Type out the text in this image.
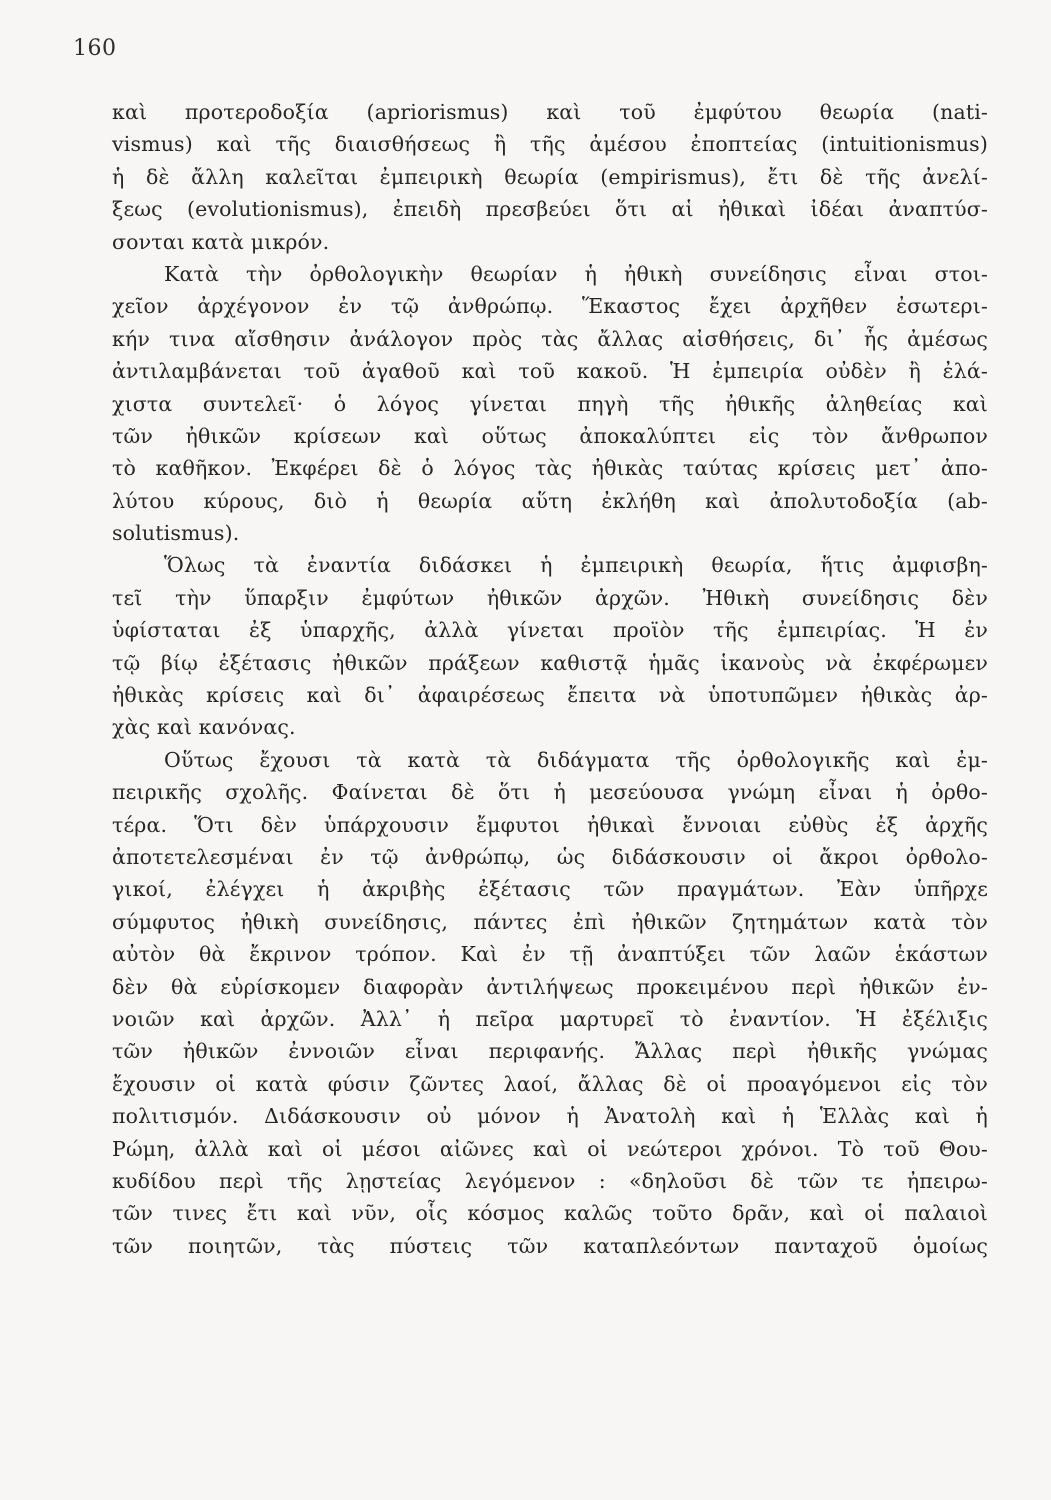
160
καὶ προτεροδοξία (apriorismus) καὶ τοῦ ἐμφύτου θεωρία (nati-
vismus) καὶ τῆς διαισθήσεως ἢ τῆς ἀμέσου ἐποπτείας (intuitionismus)
ἡ δὲ ἄλλη καλεῖται ἐμπειρικὴ θεωρία (empirismus), ἔτι δὲ τῆς ἀνελί-
ξεως (evolutionismus), ἐπειδὴ πρεσβεύει ὅτι αἱ ἠθικαὶ ἰδέαι ἀναπτύσ-
σονται κατὰ μικρόν.
Κατὰ τὴν ὀρθολογικὴν θεωρίαν ἡ ἠθικὴ συνείδησις εἶναι στοι-
χεῖον ἀρχέγονον ἐν τῷ ἀνθρώπῳ. Ἕκαστος ἔχει ἀρχῆθεν ἐσωτερι-
κήν τινα αἴσθησιν ἀνάλογον πρὸς τὰς ἄλλας αἰσθήσεις, δι᾿ ἧς ἀμέσως
ἀντιλαμβάνεται τοῦ ἀγαθοῦ καὶ τοῦ κακοῦ. Ἡ ἐμπειρία οὐδὲν ἢ ἐλά-
χιστα συντελεῖ· ὁ λόγος γίνεται πηγὴ τῆς ἠθικῆς ἀληθείας καὶ
τῶν ἠθικῶν κρίσεων καὶ οὕτως ἀποκαλύπτει εἰς τὸν ἄνθρωπον
τὸ καθῆκον. Ἐκφέρει δὲ ὁ λόγος τὰς ἠθικὰς ταύτας κρίσεις μετ᾿ ἀπο-
λύτου κύρους, διὸ ἡ θεωρία αὕτη ἐκλήθη καὶ ἀπολυτοδοξία (ab-
solutismus).
Ὅλως τὰ ἐναντία διδάσκει ἡ ἐμπειρικὴ θεωρία, ἥτις ἀμφισβη-
τεῖ τὴν ὕπαρξιν ἐμφύτων ἠθικῶν ἀρχῶν. Ἠθικὴ συνείδησις δὲν
ὑφίσταται ἐξ ὑπαρχῆς, ἀλλὰ γίνεται προϊὸν τῆς ἐμπειρίας. Ἡ ἐν
τῷ βίῳ ἐξέτασις ἠθικῶν πράξεων καθιστᾷ ἡμᾶς ἱκανοὺς νὰ ἐκφέρωμεν
ἠθικὰς κρίσεις καὶ δι᾿ ἀφαιρέσεως ἔπειτα νὰ ὑποτυπῶμεν ἠθικὰς ἀρ-
χὰς καὶ κανόνας.
Οὕτως ἔχουσι τὰ κατὰ τὰ διδάγματα τῆς ὀρθολογικῆς καὶ ἐμ-
πειρικῆς σχολῆς. Φαίνεται δὲ ὅτι ἡ μεσεύουσα γνώμη εἶναι ἡ ὀρθο-
τέρα. Ὅτι δὲν ὑπάρχουσιν ἔμφυτοι ἠθικαὶ ἔννοιαι εὐθὺς ἐξ ἀρχῆς
ἀποτετελεσμέναι ἐν τῷ ἀνθρώπῳ, ὡς διδάσκουσιν οἱ ἄκροι ὀρθολο-
γικοί, ἐλέγχει ἡ ἀκριβὴς ἐξέτασις τῶν πραγμάτων. Ἐὰν ὑπῆρχε
σύμφυτος ἠθικὴ συνείδησις, πάντες ἐπὶ ἠθικῶν ζητημάτων κατὰ τὸν
αὐτὸν θὰ ἔκρινον τρόπον. Καὶ ἐν τῇ ἀναπτύξει τῶν λαῶν ἑκάστων
δὲν θὰ εὑρίσκομεν διαφορὰν ἀντιλήψεως προκειμένου περὶ ἠθικῶν ἐν-
νοιῶν καὶ ἀρχῶν. Ἀλλ᾿ ἡ πεῖρα μαρτυρεῖ τὸ ἐναντίον. Ἡ ἐξέλιξις
τῶν ἠθικῶν ἐννοιῶν εἶναι περιφανής. Ἄλλας περὶ ἠθικῆς γνώμας
ἔχουσιν οἱ κατὰ φύσιν ζῶντες λαοί, ἄλλας δὲ οἱ προαγόμενοι εἰς τὸν
πολιτισμόν. Διδάσκουσιν οὐ μόνον ἡ Ἀνατολὴ καὶ ἡ Ἑλλὰς καὶ ἡ
Ρώμη, ἀλλὰ καὶ οἱ μέσοι αἰῶνες καὶ οἱ νεώτεροι χρόνοι. Τὸ τοῦ Θου-
κυδίδου περὶ τῆς λῃστείας λεγόμενον : «δηλοῦσι δὲ τῶν τε ἠπειρω-
τῶν τινες ἔτι καὶ νῦν, οἷς κόσμος καλῶς τοῦτο δρᾶν, καὶ οἱ παλαιοὶ
τῶν ποιητῶν, τὰς πύστεις τῶν καταπλεόντων πανταχοῦ ὁμοίως
